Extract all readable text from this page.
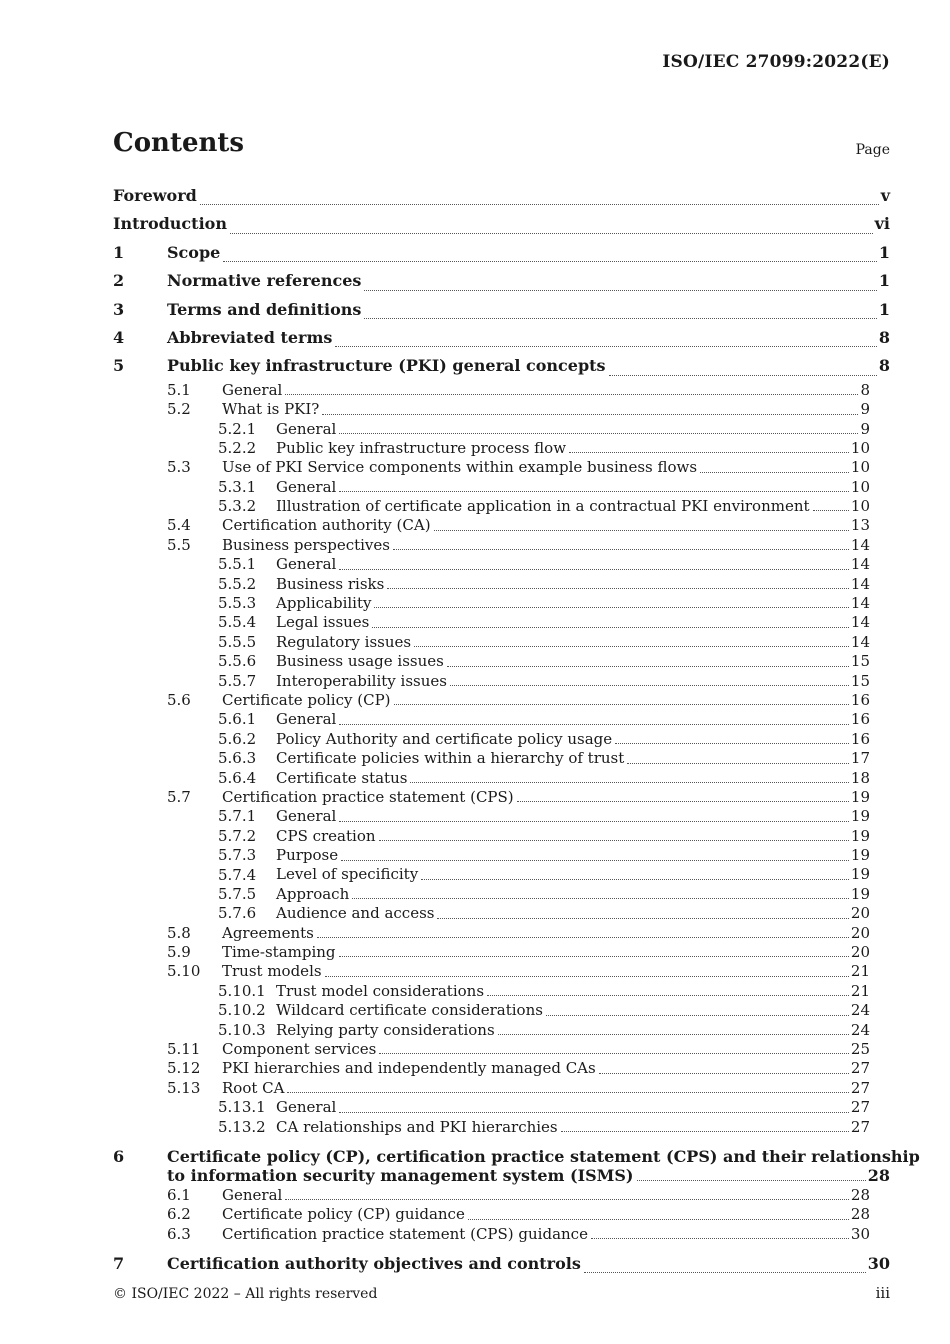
ISO/IEC 27099:2022(E)
Contents	Page
Foreword	v
Introduction	vi
1	Scope	1
2	Normative references	1
3	Terms and definitions	1
4	Abbreviated terms	8
5	Public key infrastructure (PKI) general concepts	8
5.1 General	8
5.2 What is PKI?	9
5.2.1 General	9
5.2.2 Public key infrastructure process flow	10
5.3 Use of PKI Service components within example business flows	10
5.3.1 General	10
5.3.2 Illustration of certificate application in a contractual PKI environment	10
5.4 Certification authority (CA)	13
5.5 Business perspectives	14
5.5.1 General	14
5.5.2 Business risks	14
5.5.3 Applicability	14
5.5.4 Legal issues	14
5.5.5 Regulatory issues	14
5.5.6 Business usage issues	15
5.5.7 Interoperability issues	15
5.6 Certificate policy (CP)	16
5.6.1 General	16
5.6.2 Policy Authority and certificate policy usage	16
5.6.3 Certificate policies within a hierarchy of trust	17
5.6.4 Certificate status	18
5.7 Certification practice statement (CPS)	19
5.7.1 General	19
5.7.2 CPS creation	19
5.7.3 Purpose	19
5.7.4 Level of specificity	19
5.7.5 Approach	19
5.7.6 Audience and access	20
5.8 Agreements	20
5.9 Time-stamping	20
5.10 Trust models	21
5.10.1 Trust model considerations	21
5.10.2 Wildcard certificate considerations	24
5.10.3 Relying party considerations	24
5.11 Component services	25
5.12 PKI hierarchies and independently managed CAs	27
5.13 Root CA	27
5.13.1 General	27
5.13.2 CA relationships and PKI hierarchies	27
6	Certificate policy (CP), certification practice statement (CPS) and their relationship
to information security management system (ISMS)	28
6.1 General	28
6.2 Certificate policy (CP) guidance	28
6.3 Certification practice statement (CPS) guidance	30
7	Certification authority objectives and controls	30
© ISO/IEC 2022 – All rights reserved	iii
